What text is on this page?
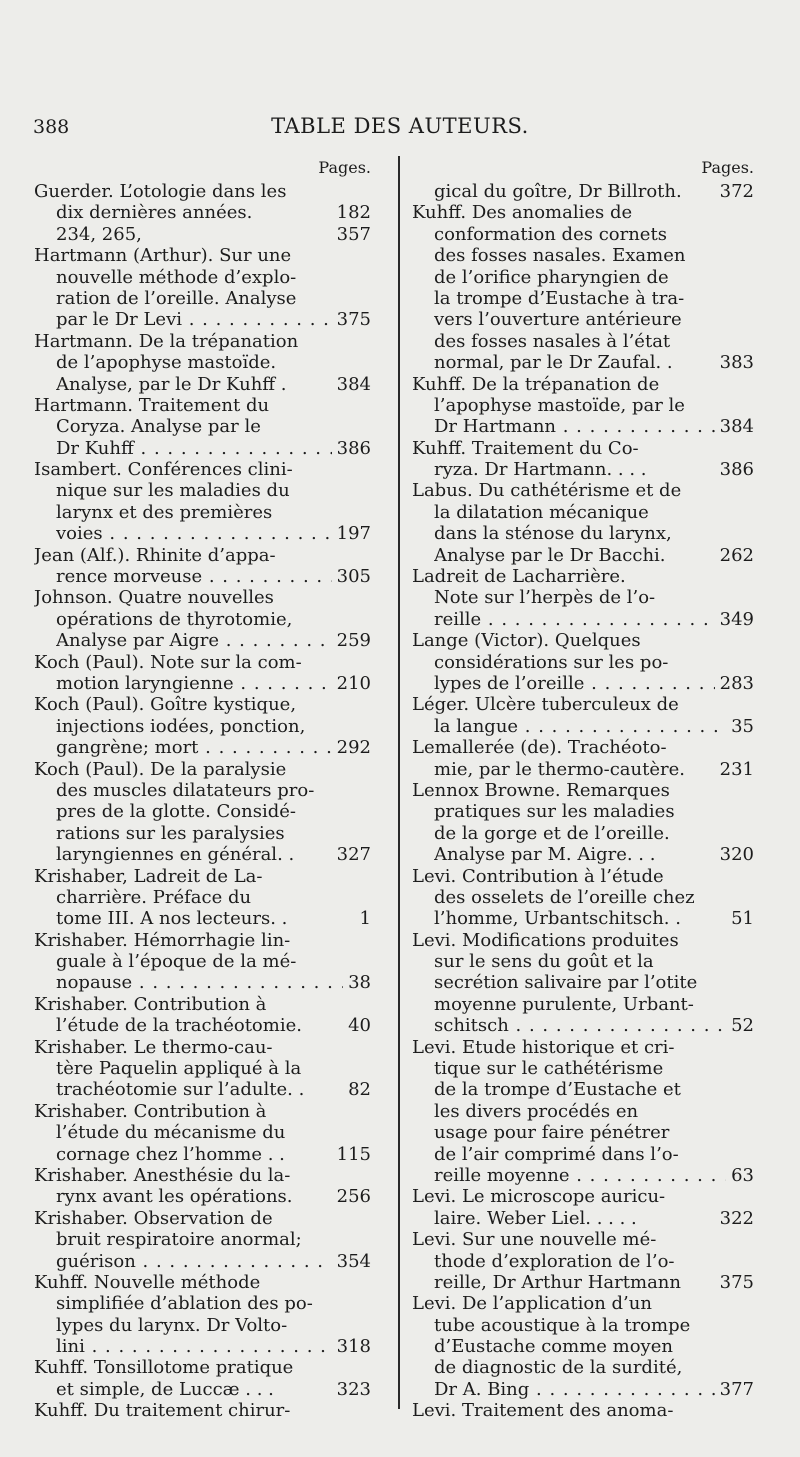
388	TABLE DES AUTEURS.
Pages.
Guerder. L’otologie dans les
dix dernières années.	182
234, 265,	357
Hartmann (Arthur). Sur une
nouvelle méthode d’explo-
ration de l’oreille. Analyse
par le Dr Levi . . .	375
Hartmann. De la trépanation
de l’apophyse mastoïde.
Analyse, par le Dr Kuhff .	384
Hartmann. Traitement du
Coryza. Analyse par le
Dr Kuhff . . .	386
Isambert. Conférences clini-
nique sur les maladies du
larynx et des premières
voies . . .	197
Jean (Alf.). Rhinite d’appa-
rence morveuse . . .	305
Johnson. Quatre nouvelles
opérations de thyrotomie,
Analyse par Aigre . . .	259
Koch (Paul). Note sur la com-
motion laryngienne . . .	210
Koch (Paul). Goître kystique,
injections iodées, ponction,
gangrène; mort . . .	292
Koch (Paul). De la paralysie
des muscles dilatateurs pro-
pres de la glotte. Considé-
rations sur les paralysies
laryngiennes en général. .	327
Krishaber, Ladreit de La-
charrière. Préface du
tome III. A nos lecteurs. .	1
Krishaber. Hémorrhagie lin-
guale à l’époque de la mé-
nopause . . .	38
Krishaber. Contribution à
l’étude de la trachéotomie.	40
Krishaber. Le thermo-cau-
tère Paquelin appliqué à la
trachéotomie sur l’adulte. .	82
Krishaber. Contribution à
l’étude du mécanisme du
cornage chez l’homme . .	115
Krishaber. Anesthésie du la-
rynx avant les opérations.	256
Krishaber. Observation de
bruit respiratoire anormal;
guérison . . .	354
Kuhff. Nouvelle méthode
simplifiée d’ablation des po-
lypes du larynx. Dr Volto-
lini . . .	318
Kuhff. Tonsillotome pratique
et simple, de Luccæ . . .	323
Kuhff. Du traitement chirur-
Pages.
gical du goître, Dr Billroth.	372
Kuhff. Des anomalies de
conformation des cornets
des fosses nasales. Examen
de l’orifice pharyngien de
la trompe d’Eustache à tra-
vers l’ouverture antérieure
des fosses nasales à l’état
normal, par le Dr Zaufal. .	383
Kuhff. De la trépanation de
l’apophyse mastoïde, par le
Dr Hartmann . . .	384
Kuhff. Traitement du Co-
ryza. Dr Hartmann. . . .	386
Labus. Du cathétérisme et de
la dilatation mécanique
dans la sténose du larynx,
Analyse par le Dr Bacchi.	262
Ladreit de Lacharrière.
Note sur l’herpès de l’o-
reille . . .	349
Lange (Victor). Quelques
considérations sur les po-
lypes de l’oreille . . .	283
Léger. Ulcère tuberculeux de
la langue . . .	35
Lemallerée (de). Trachéoto-
mie, par le thermo-cautère.	231
Lennox Browne. Remarques
pratiques sur les maladies
de la gorge et de l’oreille.
Analyse par M. Aigre. . .	320
Levi. Contribution à l’étude
des osselets de l’oreille chez
l’homme, Urbantschitsch. .	51
Levi. Modifications produites
sur le sens du goût et la
secrétion salivaire par l’otite
moyenne purulente, Urbant-
schitsch . . .	52
Levi. Etude historique et cri-
tique sur le cathétérisme
de la trompe d’Eustache et
les divers procédés en
usage pour faire pénétrer
de l’air comprimé dans l’o-
reille moyenne . . .	63
Levi. Le microscope auricu-
laire. Weber Liel. . . . .	322
Levi. Sur une nouvelle mé-
thode d’exploration de l’o-
reille, Dr Arthur Hartmann	375
Levi. De l’application d’un
tube acoustique à la trompe
d’Eustache comme moyen
de diagnostic de la surdité,
Dr A. Bing . . .	377
Levi. Traitement des anoma-
